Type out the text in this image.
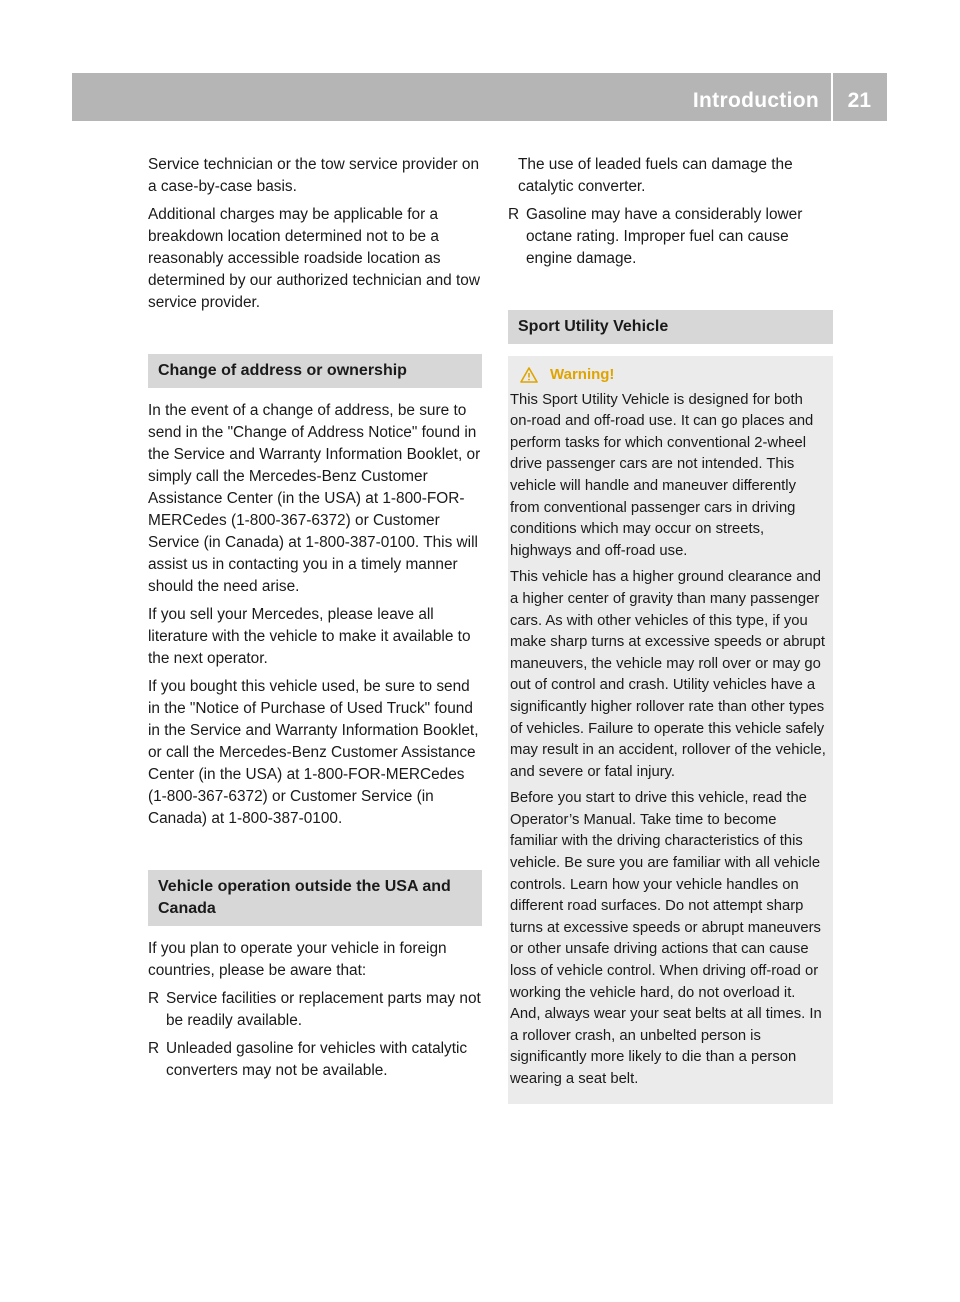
Introduction 21

Service technician or the tow service provider on a case-by-case basis.

Additional charges may be applicable for a breakdown location determined not to be a reasonably accessible roadside location as determined by our authorized technician and tow service provider.

Change of address or ownership

In the event of a change of address, be sure to send in the "Change of Address Notice" found in the Service and Warranty Information Booklet, or simply call the Mercedes-Benz Customer Assistance Center (in the USA) at 1-800-FOR-MERCedes (1-800-367-6372) or Customer Service (in Canada) at 1-800-387-0100. This will assist us in contacting you in a timely manner should the need arise.

If you sell your Mercedes, please leave all literature with the vehicle to make it available to the next operator.

If you bought this vehicle used, be sure to send in the "Notice of Purchase of Used Truck" found in the Service and Warranty Information Booklet, or call the Mercedes-Benz Customer Assistance Center (in the USA) at 1-800-FOR-MERCedes (1-800-367-6372) or Customer Service (in Canada) at 1-800-387-0100.

Vehicle operation outside the USA and Canada

If you plan to operate your vehicle in foreign countries, please be aware that:

R Service facilities or replacement parts may not be readily available.
R Unleaded gasoline for vehicles with catalytic converters may not be available.

The use of leaded fuels can damage the catalytic converter.

R Gasoline may have a considerably lower octane rating. Improper fuel can cause engine damage.
Sport Utility Vehicle
Warning!

This Sport Utility Vehicle is designed for both on-road and off-road use. It can go places and perform tasks for which conventional 2-wheel drive passenger cars are not intended. This vehicle will handle and maneuver differently from conventional passenger cars in driving conditions which may occur on streets, highways and off-road use.

This vehicle has a higher ground clearance and a higher center of gravity than many passenger cars. As with other vehicles of this type, if you make sharp turns at excessive speeds or abrupt maneuvers, the vehicle may roll over or may go out of control and crash. Utility vehicles have a significantly higher rollover rate than other types of vehicles. Failure to operate this vehicle safely may result in an accident, rollover of the vehicle, and severe or fatal injury.

Before you start to drive this vehicle, read the Operator’s Manual. Take time to become familiar with the driving characteristics of this vehicle. Be sure you are familiar with all vehicle controls. Learn how your vehicle handles on different road surfaces. Do not attempt sharp turns at excessive speeds or abrupt maneuvers or other unsafe driving actions that can cause loss of vehicle control. When driving off-road or working the vehicle hard, do not overload it. And, always wear your seat belts at all times. In a rollover crash, an unbelted person is significantly more likely to die than a person wearing a seat belt.
